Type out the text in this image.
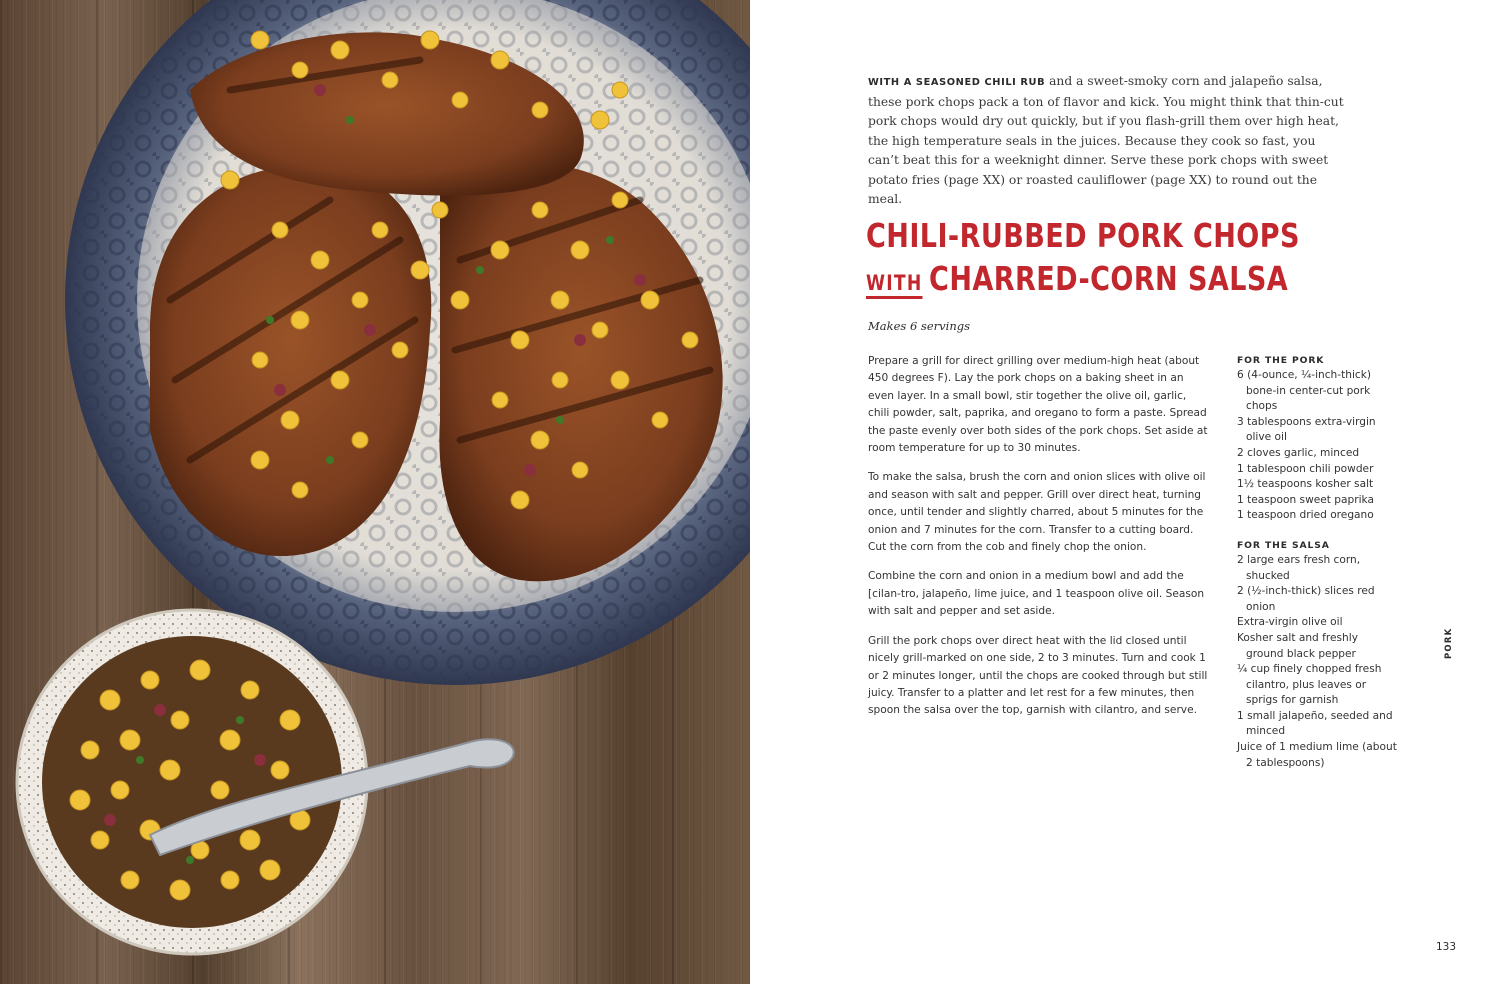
WITH A SEASONED CHILI RUB and a sweet-smoky corn and jalapeño salsa, these pork chops pack a ton of flavor and kick. You might think that thin-cut pork chops would dry out quickly, but if you flash-grill them over high heat, the high temperature seals in the juices. Because they cook so fast, you can’t beat this for a weeknight dinner. Serve these pork chops with sweet potato fries (page XX) or roasted cauliflower (page XX) to round out the meal.
CHILI-RUBBED PORK CHOPS
WITH CHARRED-CORN SALSA
Makes 6 servings

Prepare a grill for direct grilling over medium-high heat (about 450 degrees F). Lay the pork chops on a baking sheet in an even layer. In a small bowl, stir together the olive oil, garlic, chili powder, salt, paprika, and oregano to form a paste. Spread the paste evenly over both sides of the pork chops. Set aside at room temperature for up to 30 minutes.

To make the salsa, brush the corn and onion slices with olive oil and season with salt and pepper. Grill over direct heat, turning once, until tender and slightly charred, about 5 minutes for the onion and 7 minutes for the corn. Transfer to a cutting board. Cut the corn from the cob and finely chop the onion.

Combine the corn and onion in a medium bowl and add the [cilan-tro, jalapeño, lime juice, and 1 teaspoon olive oil. Season with salt and pepper and set aside.

Grill the pork chops over direct heat with the lid closed until nicely grill-marked on one side, 2 to 3 minutes. Turn and cook 1 or 2 minutes longer, until the chops are cooked through but still juicy. Transfer to a platter and let rest for a few minutes, then spoon the salsa over the top, garnish with cilantro, and serve.

FOR THE PORK
6 (4-ounce, ¼-inch-thick) bone-in center-cut pork chops
3 tablespoons extra-virgin olive oil
2 cloves garlic, minced
1 tablespoon chili powder
1½ teaspoons kosher salt
1 teaspoon sweet paprika
1 teaspoon dried oregano
FOR THE SALSA
2 large ears fresh corn, shucked
2 (½-inch-thick) slices red onion
Extra-virgin olive oil
Kosher salt and freshly ground black pepper
¼ cup finely chopped fresh cilantro, plus leaves or sprigs for garnish
1 small jalapeño, seeded and minced
Juice of 1 medium lime (about 2 tablespoons)
PORK
133
